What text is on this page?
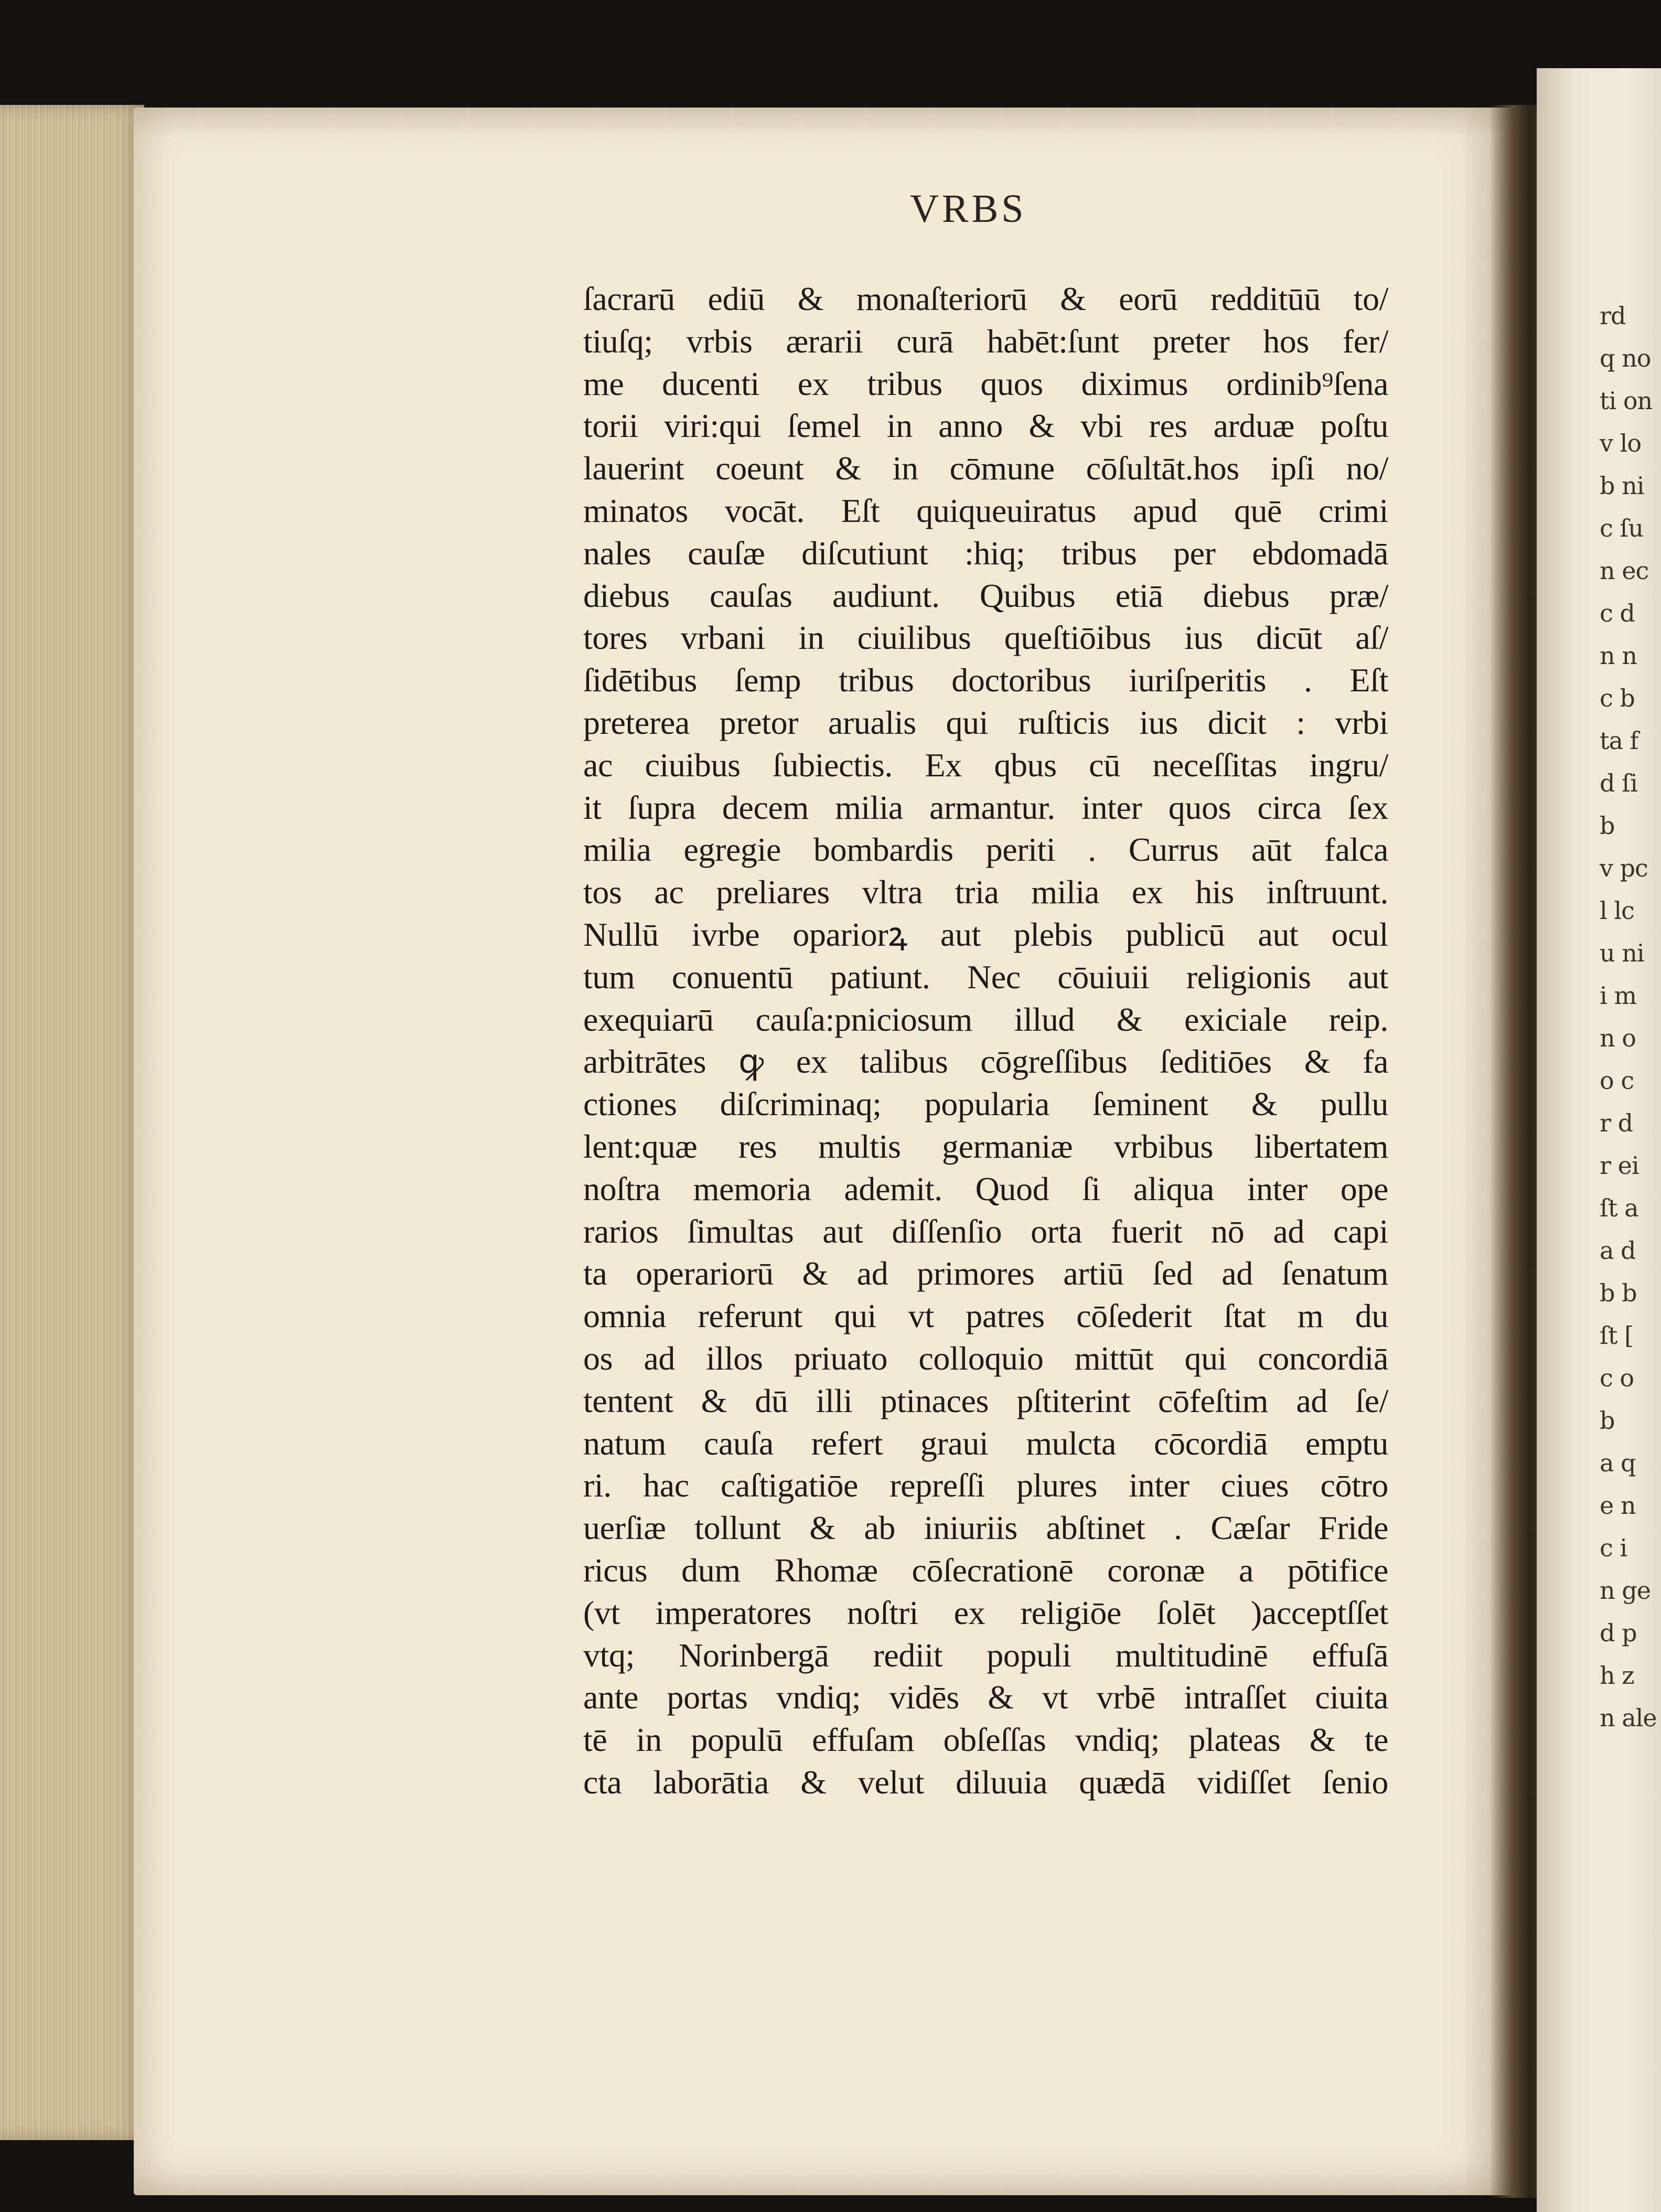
VRBS
ſacrarū ediū & monaſteriorū & eorū redditūū to/
tiuſq; vrbis ærarii curā habēt:ſunt preter hos fer/
me ducenti ex tribus quos diximus ordinib⁹ſena
torii viri:qui ſemel in anno & vbi res arduæ poſtu
lauerint coeunt & in cōmune cōſultāt.hos ipſi no/
minatos vocāt. Eſt quiqueuiratus apud quē crimi
nales cauſæ diſcutiunt :hiq; tribus per ebdomadā
diebus cauſas audiunt. Quibus etiā diebus præ/
tores vrbani in ciuilibus queſtiōibus ius dicūt aſ/
ſidētibus ſemp tribus doctoribus iuriſperitis . Eſt
preterea pretor arualis qui ruſticis ius dicit : vrbi
ac ciuibus ſubiectis. Ex qbus cū neceſſitas ingru/
it ſupra decem milia armantur. inter quos circa ſex
milia egregie bombardis periti . Currus aūt falca
tos ac preliares vltra tria milia ex his inſtruunt.
Nullū ivrbe opariorꝝ aut plebis publicū aut ocul
tum conuentū patiunt. Nec cōuiuii religionis aut
exequiarū cauſa:pniciosum illud & exiciale reip.
arbitrātes ꝙ ex talibus cōgreſſibus ſeditiōes & fa
ctiones diſcriminaq; popularia ſeminent & pullu
lent:quæ res multis germaniæ vrbibus libertatem
noſtra memoria ademit. Quod ſi aliqua inter ope
rarios ſimultas aut diſſenſio orta fuerit nō ad capi
ta operariorū & ad primores artiū ſed ad ſenatum
omnia referunt qui vt patres cōſederit ſtat m du
os ad illos priuato colloquio mittūt qui concordiā
tentent & dū illi ptinaces pſtiterint cōfeſtim ad ſe/
natum cauſa refert graui mulcta cōcordiā emptu
ri. hac caſtigatiōe repreſſi plures inter ciues cōtro
uerſiæ tollunt & ab iniuriis abſtinet . Cæſar Fride
ricus dum Rhomæ cōſecrationē coronæ a pōtifice
(vt imperatores noſtri ex religiōe ſolēt )acceptſſet
vtq; Norinbergā rediit populi multitudinē effuſā
ante portas vndiq; vidēs & vt vrbē intraſſet ciuita
tē in populū effuſam obſeſſas vndiq; plateas & te
cta laborātia & velut diluuia quædā vidiſſet ſenio
rd
q no
ti on
v lo
b ni
c ſu
n ec
c d
n n
c b
ta f
d ſi
b
v pc
l lc
u ni
i m
n o
o c
r d
r ei
ſt a
a d
b b
ſt [
c o
b
a q
e n
c i
n ge
d p
h z
n ale
